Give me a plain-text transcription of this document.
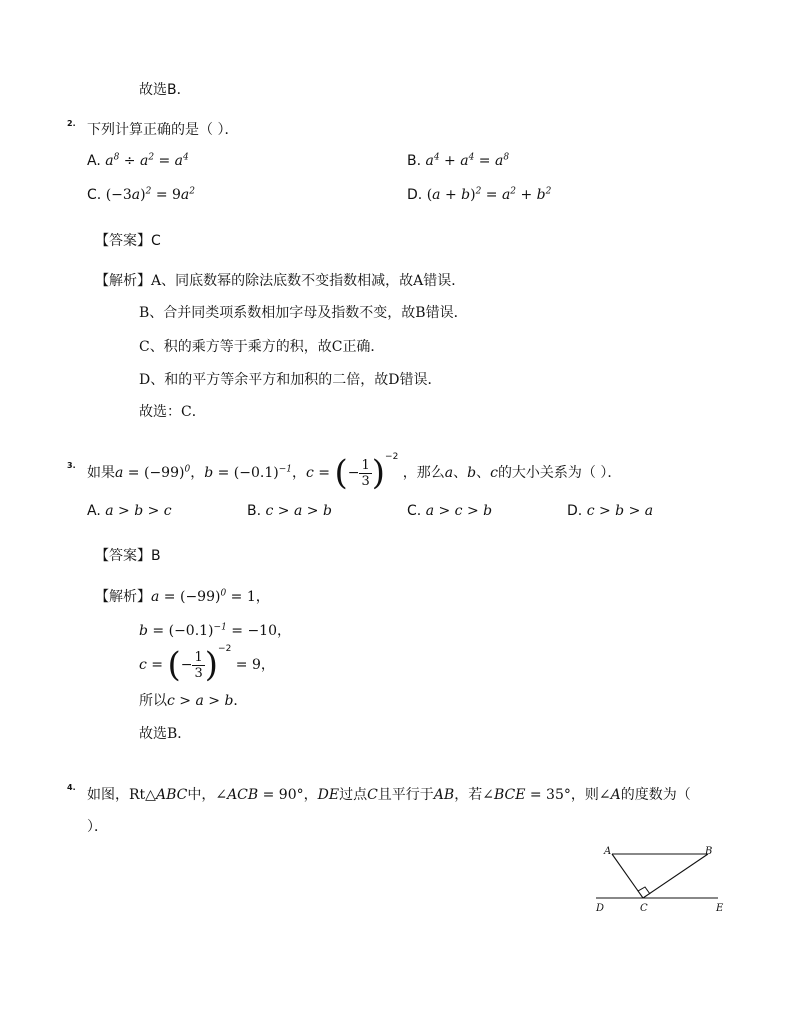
故选B．
2. 下列计算正确的是（ ）．
A. $a^8 \div a^2 = a^4$	B. $a^4 + a^4 = a^8$
C. $(-3a)^2 = 9a^2$	D. $(a + b)^2 = a^2 + b^2$
【答案】C
【解析】A、同底数幂的除法底数不变指数相减，故A错误．
B、合并同类项系数相加字母及指数不变，故B错误．
C、积的乘方等于乘方的积，故C正确．
D、和的平方等余平方和加积的二倍，故D错误．
故选：C．
3. 如果$a = (-99)^0$，$b = (-0.1)^{-1}$，c = (− $\frac{1}{3} )^{-2}$ ，那么a、b、c的大小关系为（ ）．
A. a > b > c	B. c > a > b	C. a > c > b	D. c > b > a
【答案】B
【解析】$a = (-99)^0 = 1$，
$b = (-0.1)^{-1} = -10$，
c = (− $\frac{1}{3} )^{-2} = 9$，
所以c > a > b．
故选B．
4. 如图，Rt△ABC中，∠ACB = 90°，DE过点C且平行于AB，若∠BCE = 35°，则∠A的度数为（
）．
A	B
C
D	E
